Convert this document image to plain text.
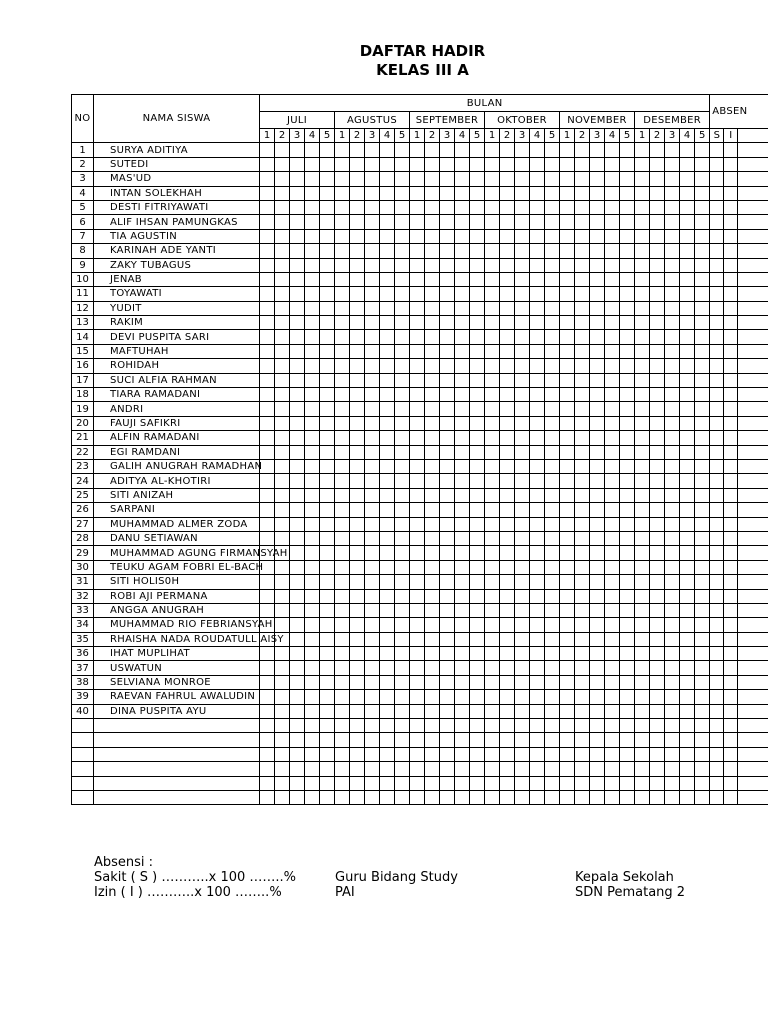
DAFTAR HADIR
KELAS III A
NO	NAMA SISWA	BULAN																														ABSEN		
		JULI					AGUSTUS					SEPTEMBER					OKTOBER					NOVEMBER					DESEMBER							
		1	2	3	4	5	1	2	3	4	5	1	2	3	4	5	1	2	3	4	5	1	2	3	4	5	1	2	3	4	5	S	I	
1	SURYA ADITIYA																																	
2	SUTEDI																																	
3	MAS'UD																																	
4	INTAN SOLEKHAH																																	
5	DESTI FITRIYAWATI																																	
6	ALIF IHSAN PAMUNGKAS																																	
7	TIA AGUSTIN																																	
8	KARINAH ADE YANTI																																	
9	ZAKY TUBAGUS																																	
10	JENAB																																	
11	TOYAWATI																																	
12	YUDIT																																	
13	RAKIM																																	
14	DEVI PUSPITA SARI																																	
15	MAFTUHAH																																	
16	ROHIDAH																																	
17	SUCI ALFIA RAHMAN																																	
18	TIARA RAMADANI																																	
19	ANDRI																																	
20	FAUJI SAFIKRI																																	
21	ALFIN RAMADANI																																	
22	EGI RAMDANI																																	
23	GALIH ANUGRAH RAMADHAN																																	
24	ADITYA AL-KHOTIRI																																	
25	SITI ANIZAH																																	
26	SARPANI																																	
27	MUHAMMAD ALMER ZODA																																	
28	DANU SETIAWAN																																	
29	MUHAMMAD AGUNG FIRMANSYAH																																	
30	TEUKU AGAM FOBRI EL-BACH																																	
31	SITI HOLIS0H																																	
32	ROBI AJI PERMANA																																	
33	ANGGA ANUGRAH																																	
34	MUHAMMAD RIO FEBRIANSYAH																																	
35	RHAISHA NADA ROUDATULL AISY																																	
36	IHAT MUPLIHAT																																	
37	USWATUN																																	
38	SELVIANA MONROE																																	
39	RAEVAN FAHRUL AWALUDIN																																	
40	DINA PUSPITA AYU																																	

Absensi :
Sakit ( S ) ………..x 100 ……..%
Izin ( I ) ………..x 100 ……..%
Guru Bidang Study
PAI
Kepala Sekolah
SDN Pematang 2
